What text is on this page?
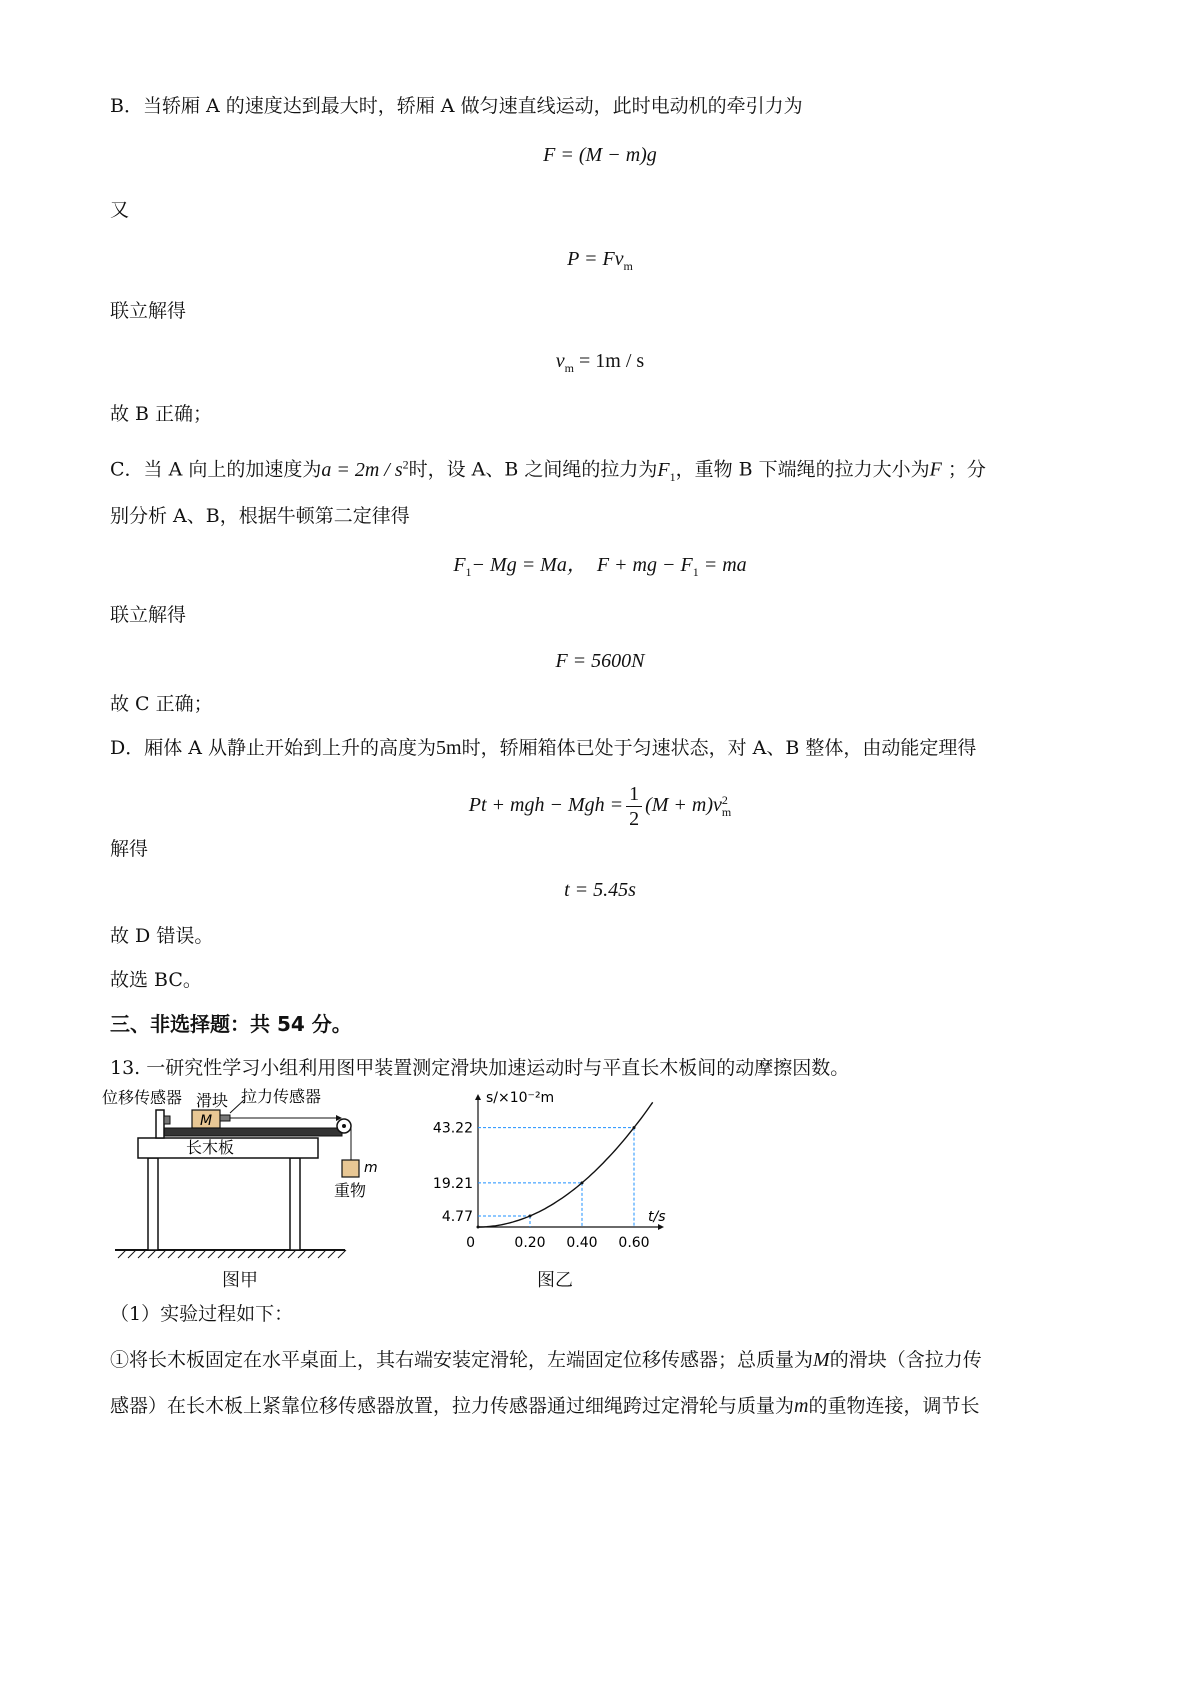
B．当轿厢 A 的速度达到最大时，轿厢 A 做匀速直线运动，此时电动机的牵引力为
F = (M − m)g
又
$P = Fv_m$
联立解得
$v_m = 1m / s$
故 B 正确；
C．当 A 向上的加速度为$a = 2m / s^2$时，设 A、B 之间绳的拉力为$F_1$，重物 B 下端绳的拉力大小为F ；分
别分析 A、B，根据牛顿第二定律得
$F_1- Mg = Ma$， F + mg − $F_1$ = ma
联立解得
F = 5600N
故 C 正确；
D．厢体 A 从静止开始到上升的高度为5m时，轿厢箱体已处于匀速状态，对 A、B 整体，由动能定理得
Pt + mgh − Mgh = $\frac{1}{2} (M + m)v$ 2
m
解得
t = 5.45s
故 D 错误。
故选 BC。
三、非选择题：共 54 分。
13. 一研究性学习小组利用图甲装置测定滑块加速运动时与平直长木板间的动摩擦因数。
长木板
M
m
重物
位移传感器 滑块 拉力传感器
图甲
s/×10⁻²m
t/s
0	0.20
4.77
0.40
19.21
0.60
43.22
图乙
（1）实验过程如下：
①将长木板固定在水平桌面上，其右端安装定滑轮，左端固定位移传感器；总质量为M的滑块（含拉力传
感器）在长木板上紧靠位移传感器放置，拉力传感器通过细绳跨过定滑轮与质量为m的重物连接，调节长
